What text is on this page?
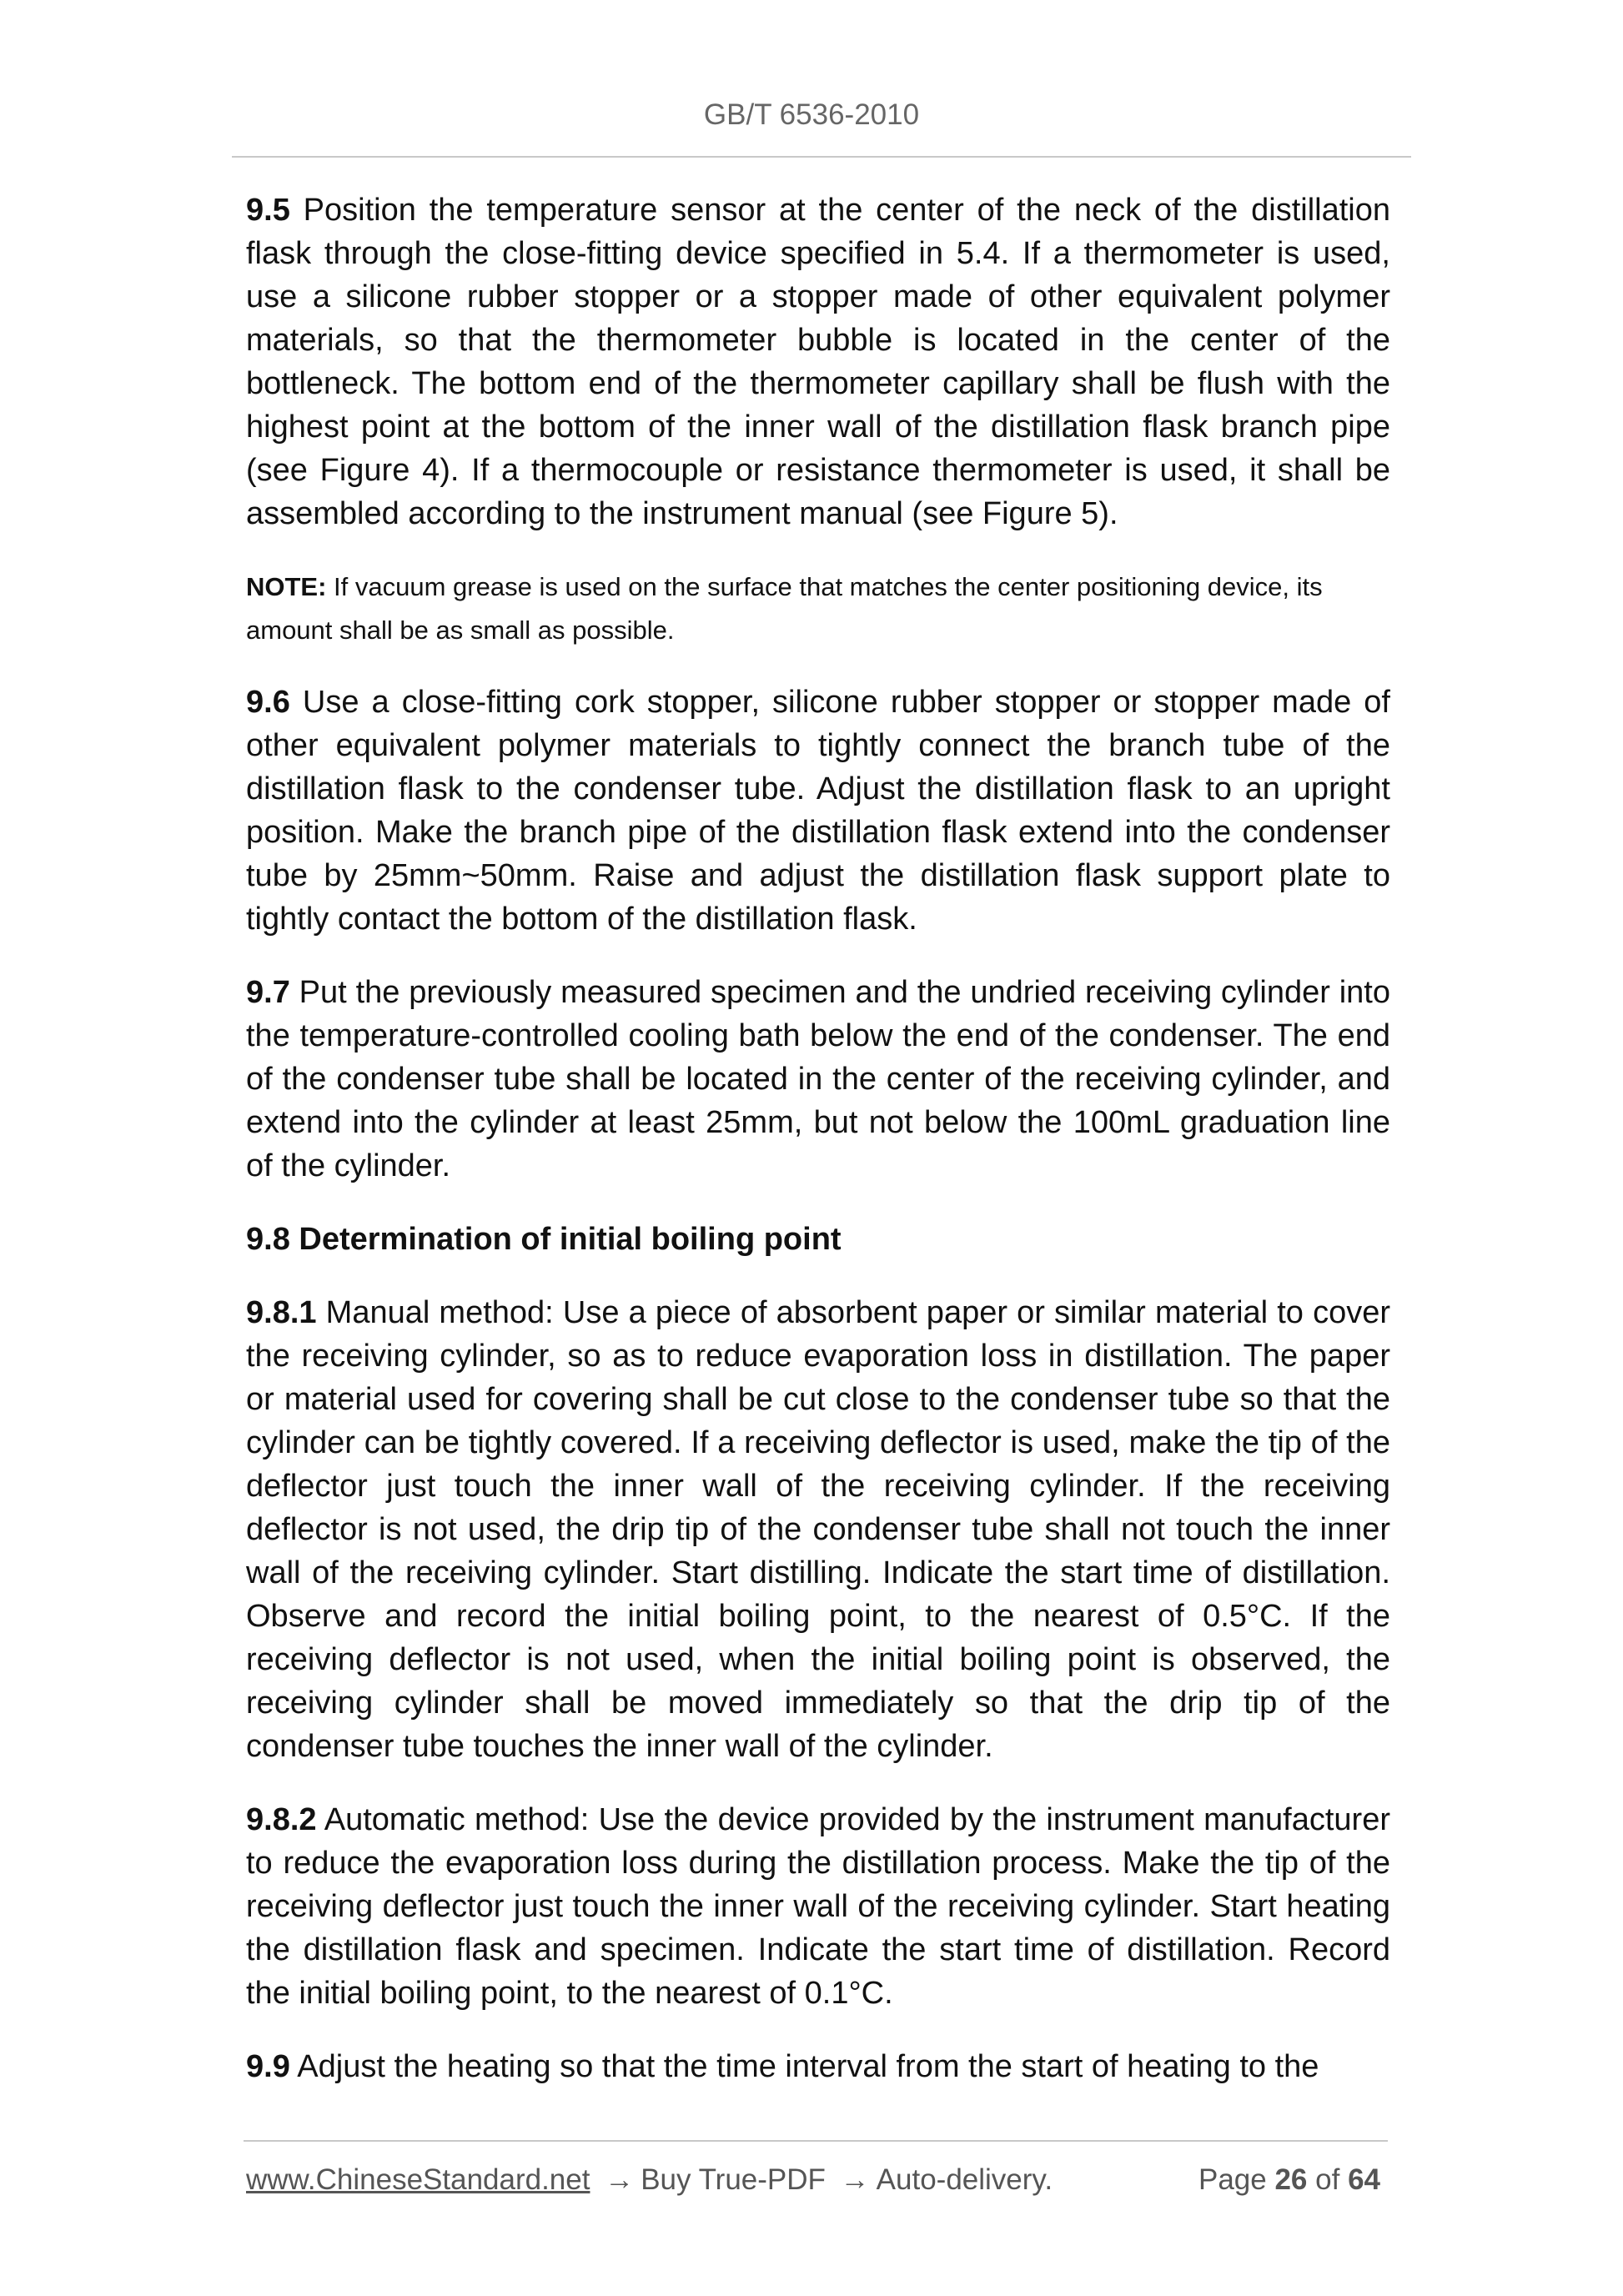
GB/T 6536-2010

9.5 Position the temperature sensor at the center of the neck of the distillation flask through the close-fitting device specified in 5.4. If a thermometer is used, use a silicone rubber stopper or a stopper made of other equivalent polymer materials, so that the thermometer bubble is located in the center of the bottleneck. The bottom end of the thermometer capillary shall be flush with the highest point at the bottom of the inner wall of the distillation flask branch pipe (see Figure 4). If a thermocouple or resistance thermometer is used, it shall be assembled according to the instrument manual (see Figure 5).

NOTE: If vacuum grease is used on the surface that matches the center positioning device, its amount shall be as small as possible.

9.6 Use a close-fitting cork stopper, silicone rubber stopper or stopper made of other equivalent polymer materials to tightly connect the branch tube of the distillation flask to the condenser tube. Adjust the distillation flask to an upright position. Make the branch pipe of the distillation flask extend into the condenser tube by 25mm~50mm. Raise and adjust the distillation flask support plate to tightly contact the bottom of the distillation flask.

9.7 Put the previously measured specimen and the undried receiving cylinder into the temperature-controlled cooling bath below the end of the condenser. The end of the condenser tube shall be located in the center of the receiving cylinder, and extend into the cylinder at least 25mm, but not below the 100mL graduation line of the cylinder.

9.8 Determination of initial boiling point

9.8.1 Manual method: Use a piece of absorbent paper or similar material to cover the receiving cylinder, so as to reduce evaporation loss in distillation. The paper or material used for covering shall be cut close to the condenser tube so that the cylinder can be tightly covered. If a receiving deflector is used, make the tip of the deflector just touch the inner wall of the receiving cylinder. If the receiving deflector is not used, the drip tip of the condenser tube shall not touch the inner wall of the receiving cylinder. Start distilling. Indicate the start time of distillation. Observe and record the initial boiling point, to the nearest of 0.5°C. If the receiving deflector is not used, when the initial boiling point is observed, the receiving cylinder shall be moved immediately so that the drip tip of the condenser tube touches the inner wall of the cylinder.

9.8.2 Automatic method: Use the device provided by the instrument manufacturer to reduce the evaporation loss during the distillation process. Make the tip of the receiving deflector just touch the inner wall of the receiving cylinder. Start heating the distillation flask and specimen. Indicate the start time of distillation. Record the initial boiling point, to the nearest of 0.1°C.

9.9 Adjust the heating so that the time interval from the start of heating to the

www.ChineseStandard.net → Buy True-PDF → Auto-delivery.	Page 26 of 64
